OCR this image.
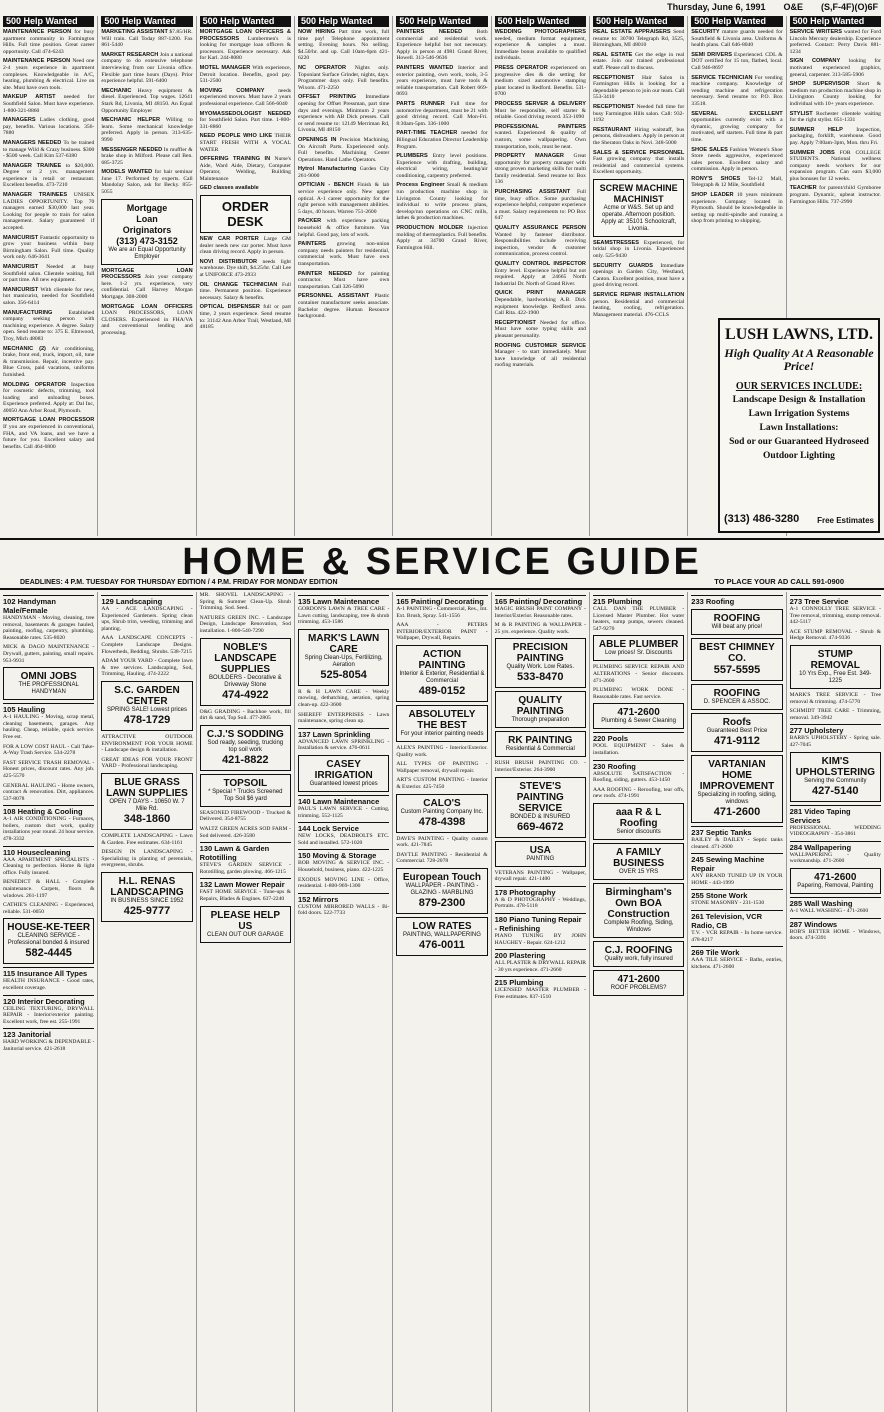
Thursday, June 6, 1991 O&E (S,F-4F)(O)6F
500 Help Wanted
MAINTENANCE PERSON for busy apartment community in Farmington Hills. Full time position. Great career opportunity. Call 474-6243
MAINTENANCE PERSON Need one 2-4 years experience in apartment complexes. Knowledgeable in A/C, heating, plumbing & electrical. Live on site. Must have own tools.
MAKEUP ARTIST needed for Southfield Salon. Must have experience. 1-800-321-8860
MANAGERS Ladies clothing, good pay, benefits. Various locations. 356-7880
MANAGERS NEEDED To be trained to manage Wild & Crazy business. $300 - $500 week. Call Kim 537-6380
MANAGER TRAINEE to $20,000. Degree or 2 yrs. management experience in retail or restaurant. Excellent benefits. 473-7210
MANAGER TRAINEES UNISEX LADIES OPPORTUNITY. Top 70 managers earned $30,000 last year. Looking for people to train for salon management. Salary guaranteed if accepted.
MANICURIST Fantastic opportunity to grow your business within busy Birmingham Salon. Full time. Quality work only. 646-3641
MANICURIST Needed at busy Southfield salon. Clientele waiting, full or part time. All new equipment.
MANICURIST With clientele for new, hot manicurist, needed for Southfield salon. 356-6414
MANUFACTURING Established company seeking person with machining experience. A degree. Salary open. Send resume to: 375 E. Elmwood, Troy, Mich 48083
MECHANIC (2) Air conditioning, brake, front end, truck, import, oil, tune & transmission. Repair, incentive pay. Blue Cross, paid vacations, uniforms furnished.
MOLDING OPERATOR Inspection for cosmetic defects, trimming, tool loading and unloading boxes. Experience preferred. Apply at: Dal Inc, 40050 Ann Arbor Road, Plymouth.
MORTGAGE LOAN PROCESSOR If you are experienced in conventional, FHA, and VA loans, and we have a future for you. Excellent salary and benefits. Call 464-6800
500 Help Wanted
MARKETING ASSISTANT $7.85/HR. Will train. Call Today 887-1200. Fax 861-5440
MARKET RESEARCH Join a national company to do extensive telephone interviewing from our Livonia office. Flexible part time hours (Days). Prior experience helpful. 591-6400
MECHANIC Heavy equipment & diesel. Experienced. Top wages. 12641 Stark Rd, Livonia, MI 48150. An Equal Opportunity Employer
MECHANIC HELPER Willing to learn. Some mechanical knowledge preferred. Apply in person. 313-635-9990
MESSENGER NEEDED In muffler & brake shop in Milford. Please call Ben. 685-3725
MODELS WANTED for hair seminar June 17. Performed by experts. Call Mandolay Salon, ask for Becky. 855-5055
Mortgage
Loan
Originators
(313) 473-3152
We are an Equal Opportunity Employer
MORTGAGE LOAN PROCESSORS Join your company here. 1-2 yrs. experience, very confidential. Call Harvey Morgan Mortgage. 308-2000
MORTGAGE LOAN OFFICERS LOAN PROCESSORS, LOAN CLOSERS. Experienced in FHA/VA and conventional lending and processing.
500 Help Wanted
MORTGAGE LOAN OFFICERS & PROCESSORS Lumbermen's is looking for mortgage loan officers & processors. Experience necessary. Ask for Karl. 244-8080
MOTEL MANAGER With experience, Detroit location. Benefits, good pay. 531-2500
MOVING COMPANY needs experienced movers. Must have 2 years professional experience. Call 566-6040
MYOMASSEDOLOGIST NEEDED for Southfield Salon. Part time. 1-800-331-8860
NEED PEOPLE WHO LIKE THEIR START FRESH WITH A VOCAL WATER
OFFERING TRAINING IN Nurse's Aide, Ward Aide, Dietary, Computer Operator, Welding, Building Maintenance
GED classes available
ORDER
DESK
NEW CAR PORTER Large GM dealer needs new car porter. Must have clean driving record. Apply in person.
NOVI DISTRIBUTOR needs light warehouse. Dye shift, $4.25/hr. Call Lee at UNIFORCE 473-2933
OIL CHANGE TECHNICIAN Full time. Permanent position. Experience necessary. Salary & benefits.
OPTICAL DISPENSER full or part time, 2 years experience. Send resume to: 31142 Ann Arbor Trail, Westland, MI 48185
500 Help Wanted
NOW HIRING Part time work, full time pay! Telephone appointment setting. Evening hours. No selling. $4.50/hr. and up. Call 10am-6pm 421-6220
NC OPERATOR Nights only. Toponiant Surface Grinder, nights, days. Programmer days only. Full benefits. Wixom. 471-2250
OFFSET PRINTING Immediate opening for Offset Pressman, part time days and evenings. Minimum 2 years experience with AB Dick presses. Call or send resume to: 12149 Merriman Rd, Livonia, MI 48150
OPENINGS IN Precision Machining, On Aircraft Parts. Experienced only. Full benefits. Machining Center Operations. Hand Lathe Operators.
Hytrol Manufacturing Garden City 261-9000
OPTICIAN - BENCH Finish & lab service experience only. New upper optical. A-1 career opportunity for the right person with management abilities. 5 days, 40 hours. Warren 751-2600
PACKER with experience packing household & office furniture. Van helpful. Good pay, lots of work.
PAINTERS growing non-union company needs painters for residential, commercial work. Must have own transportation.
PAINTER NEEDED for painting contractor. Must have own transportation. Call 326-5090
PERSONNEL ASSISTANT Plastic container manufacturer seeks associate. Bachelor degree. Human Resource background.
500 Help Wanted
PAINTERS NEEDED Both commercial and residential work. Experience helpful but not necessary. Apply in person at 4981 Grand River, Howell. 313-546-9636
PAINTERS WANTED Interior and exterior painting, own work, tools, 3-5 years experience, must have tools & reliable transportation. Call Robert 669-0693
PARTS RUNNER Full time for automotive department, must be 21 with good driving record. Call Mon-Fri. 8:30am-5pm. 336-1000
PART-TIME TEACHER needed for Bilingual Education Director Leadership Program.
PLUMBERS Entry level positions. Experience with drafting, building, electrical wiring, heating/air conditioning, carpentry preferred.
Process Engineer Small & medium run production machine shop in Livingston County looking for individual to write process plans, develop/run operations on CNC mills, lathes & production machines.
PRODUCTION MOLDER Injection molding of thermoplastics. Full benefits. Apply at 34700 Grand River, Farmington Hill.
500 Help Wanted
WEDDING PHOTOGRAPHERS needed, medium format equipment, experience & samples a must. Immediate bonus available to qualified individuals.
PRESS OPERATOR experienced on progressive dies & die setting for medium sized automotive stamping plant located in Redford. Benefits. 531-0700
PROCESS SERVER & DELIVERY Must be responsible, self starter & reliable. Good driving record. 353-1090
PROFESSIONAL PAINTERS wanted. Experienced & quality of custom, some wallpapering. Own transportation, tools, must be neat.
PROPERTY MANAGER Great opportunity for property manager with strong proven marketing skills for multi family residential. Send resume to: Box 136
PURCHASING ASSISTANT Full time, busy office. Some purchasing experience helpful, computer experience a must. Salary requirements to: PO Box 647
QUALITY ASSURANCE PERSON Wanted by fastener distributor. Responsibilities include receiving inspection, vendor & customer communication, process control.
QUALITY CONTROL INSPECTOR Entry level. Experience helpful but not required. Apply at 24665 North Industrial Dr. North of Grand River.
QUICK PRINT MANAGER Dependable, hardworking A.B. Dick equipment knowledge. Redford area. Call Rita. 422-1900
RECEPTIONIST Needed for office. Must have some typing skills and pleasant personality.
ROOFING CUSTOMER SERVICE Manager - to start immediately. Must have knowledge of all residential roofing materials.
500 Help Wanted
REAL ESTATE APPRAISERS Send resume to: 30700 Telegraph Rd, 3525, Birmingham, MI 48010
REAL ESTATE Get the edge in real estate. Join our trained professional staff. Please call to discuss.
RECEPTIONIST Hair Salon in Farmington Hills is looking for a dependable person to join our team. Call 553-3410
RECEPTIONIST Needed full time for busy Farmington Hills salon. Call: 932-1192
RESTAURANT Hiring waitstaff, bus persons, dishwashers. Apply in person at the Sheraton Oaks in Novi. 348-5000
SALES & SERVICE PERSONNEL Fast growing company that installs residential and commercial systems. Excellent opportunity.
SCREW MACHINE
MACHINIST
Acme or W&S. Set up and operate. Afternoon position. Apply at: 35101 Schoolcraft, Livonia.
SEAMSTRESSES Experienced, for bridal shop in Livonia. Experienced only. 525-9430
SECURITY GUARDS Immediate openings in Garden City, Westland, Canton. Excellent position, must have a good driving record.
SERVICE REPAIR INSTALLATION person. Residential and commercial heating, cooling, refrigeration. Management material. 476-CCLS
500 Help Wanted
SECURITY mature guards needed for Southfield & Livonia area. Uniforms & health plans. Call 646-8040
SEMI DRIVERS Experienced. CDL & DOT certified for 15 ton, flatbed, local. Call 946-8697
SERVICE TECHNICIAN For vending machine company. Knowledge of vending machine and refrigeration necessary. Send resume to: P.O. Box 33518.
SEVERAL EXCELLENT opportunities currently exist with a dynamic, growing company for motivated, self starters. Full time & part time.
SHOE SALES Fashion Women's Shoe Store needs aggressive, experienced sales person. Excellent salary and commission. Apply in person.
RONY'S SHOES Tel-12 Mall, Telegraph & 12 Mile, Southfield
SHOP LEADER 10 years minimum experience. Company located in Plymouth. Should be knowledgeable in setting up multi-spindle and running a shop from printing to shipping.
500 Help Wanted
SERVICE WRITERS wanted for Ford Lincoln Mercury dealership. Experience preferred. Contact: Perry Davis 881-1234
SIGN COMPANY looking for motivated experienced graphics, general, carpenter. 313-585-5906
SHOP SUPERVISOR Short & medium run production machine shop in Livingston County looking for individual with 10+ years experience.
STYLIST Rochester clientele waiting for the right stylist. 651-1331
SUMMER HELP Inspection, packaging, forklift, warehouse. Good pay. Apply 7:00am-3pm, Mon. thru Fri.
SUMMER JOBS FOR COLLEGE STUDENTS. National wellness company needs workers for our expansion program. Can earn $3,000 plus bonuses for 12 weeks.
TEACHER for parent/child Gymboree program. Dynamic, upbeat instructor. Farmington Hills. 737-2990
LUSH LAWNS, LTD.
High Quality At A Reasonable Price!
OUR SERVICES INCLUDE:
Landscape Design & Installation
Lawn Irrigation Systems
Lawn Installations:
Sod or our Guaranteed Hydroseed
Outdoor Lighting
(313) 486-3280 Free Estimates
HOME & SERVICE GUIDE
DEADLINES: 4 P.M. TUESDAY FOR THURSDAY EDITION / 4 P.M. FRIDAY FOR MONDAY EDITION	TO PLACE YOUR AD CALL 591-0900
102 Handyman Male/Female
HANDYMAN - Moving, cleaning, tree removal, basements & garages hauled, painting, roofing, carpentry, plumbing. Reasonable rates. 535-8020
MICK & DAGO MAINTENANCE - Drywall, gutters, painting, small repairs. 953-9931
OMNI JOBS
THE PROFESSIONAL HANDYMAN
105 Hauling
A-1 HAULING - Moving, scrap metal, cleaning basements, garages. Any hauling. Cheap, reliable, quick service. Free est.
FOR A LOW COST HAUL - Call Take-A-Way Trash Service. 534-2278
FAST SERVICE TRASH REMOVAL - Honest prices, discount rates. Any job. 425-5570
GENERAL HAULING - Home owners, contract & renovation. Dirt, appliances. 537-8078
108 Heating & Cooling
A-1 AIR CONDITIONING - Furnaces, boilers, custom duct work, quality installations year round. 24 hour service. 478-3332
110 Housecleaning
AAA APARTMENT SPECIALISTS - Cleaning to perfection. Home & light office. Fully insured.
BENEDICT & HALL - Complete maintenance. Carpets, floors & windows. 261-1197
CATHIE'S CLEANING - Experienced, reliable. 531-0050
HOUSE-KE-TEER
CLEANING SERVICE - Professional bonded & insured
582-4445
115 Insurance All Types
HEALTH INSURANCE - Good rates, excellent coverage.
120 Interior Decorating
CEILING TEXTURING, DRYWALL REPAIR - Interior/exterior painting. Excellent work, free est. 255-1991
123 Janitorial
HARD WORKING & DEPENDABLE - Janitorial service. 421-2618
129 Landscaping
AA - ACE LANDSCAPING - Experienced Gardeners. Spring clean ups, Shrub trim, weeding, trimming and planting.
AAA LANDSCAPE CONCEPTS - Complete Landscape Designs. Flowerbeds, Bedding, Shrubs. 538-7215
ADAM YOUR YARD - Complete lawn & tree services. Landscaping, Sod, Trimming, Hauling. 474-2222
S.C. GARDEN CENTER
SPRING SALE! Lowest prices
478-1729
ATTRACTIVE OUTDOOR ENVIRONMENT FOR YOUR HOME - Landscape design & installation.
GREAT IDEAS FOR YOUR FRONT YARD - Professional landscaping.
BLUE GRASS LAWN SUPPLIES
OPEN 7 DAYS - 10650 W. 7 Mile Rd.
348-1860
COMPLETE LANDSCAPING - Lawn & Garden. Free estimates. 634-1161
DESIGN IN LANDSCAPING - Specializing in planting of perennials, evergreens, shrubs.
H.L. RENAS LANDSCAPING
IN BUSINESS SINCE 1952
425-9777
MR. SHOVEL LANDSCAPING - Spring & Summer Clean-Up. Shrub Trimming. Sod. Seed.
NATURES GREEN INC. - Landscape Design, Landscape Renovation, Sod installation. 1-800-540-7290
NOBLE'S LANDSCAPE SUPPLIES
BOULDERS - Decorative & Driveway Stone
474-4922
O&G GRADING - Backhoe work, fill dirt & sand, Top Soil. 477-2805
C.J.'S SODDING
Sod ready, seeding, trucking top soil work
421-8822
TOPSOIL
* Special * Trucks Screened Top Soil $6 yard
SEASONED FIREWOOD - Trucked & Delivered. 354-8755
WALTZ GREEN ACRES SOD FARM - Sod delivered. 426-3580
130 Lawn & Garden Rototilling
STEVE'S GARDEN SERVICE - Rototilling, garden plowing. 466-1215
132 Lawn Mower Repair
FAST HOME SERVICE - Tune-ups & Repairs, Blades & Engines. 637-2240
PLEASE HELP US
CLEAN OUT OUR GARAGE
135 Lawn Maintenance
GORDON'S LAWN & TREE CARE - Lawn cutting, landscaping, tree & shrub trimming. 453-1586
MARK'S LAWN CARE
Spring Clean-Ups, Fertilizing, Aeration
525-8054
R & H LAWN CARE - Weekly mowing, dethatching, aeration, spring clean-up. 422-3600
SHEREFF ENTERPRISES - Lawn maintenance, spring clean up.
137 Lawn Sprinkling
ADVANCED LAWN SPRINKLING - Installation & service. 476-0611
CASEY IRRIGATION
Guaranteed lowest prices
140 Lawn Maintenance
PAUL'S LAWN SERVICE - Cutting, trimming. 552-1125
144 Lock Service
NEW LOCKS, DEADBOLTS ETC. Sold and installed. 572-1020
150 Moving & Storage
BOB MOVING & SERVICE INC. - Household, business, piano. 422-1225
EXODUS MOVING LINE - Office, residential. 1-800-969-1300
152 Mirrors
CUSTOM MIRRORED WALLS - Bi-fold doors. 522-7733
165 Painting/ Decorating
A-1 PAINTING - Commercial, Res., Int. Ext. Brush, Spray. 541-1556
AAA - PETERS INTERIOR/EXTERIOR PAINT - Wallpaper, Drywall, Repairs.
ACTION PAINTING
Interior & Exterior, Residential & Commercial
489-0152
ABSOLUTELY THE BEST
For your interior painting needs
ALEX'S PAINTING - Interior/Exterior. Quality work.
ALL TYPES OF PAINTING - Wallpaper removal, drywall repair.
ART'S CUSTOM PAINTING - Interior & Exterior. 425-7450
CALO'S
Custom Painting Company Inc.
478-4398
DAVE'S PAINTING - Quality custom work. 421-7845
DAYTLE PAINTING - Residential & Commercial. 728-2078
European Touch
WALLPAPER - PAINTING - GLAZING - MARBLING
879-2300
LOW RATES
PAINTING, WALLPAPERING
476-0011
165 Painting/ Decorating
MAGIC BRUSH PAINT COMPANY - Interior/Exterior. Reasonable rates.
M & R PAINTING & WALLPAPER - 25 yrs. experience. Quality work.
PRECISION PAINTING
Quality Work. Low Rates.
533-8470
QUALITY PAINTING
Thorough preparation
RK PAINTING
Residential & Commercial
RUSH BRUSH PAINTING CO. - Interior/Exterior. 264-3900
STEVE'S PAINTING SERVICE
BONDED & INSURED
669-4672
USA
PAINTING
VETERANS PAINTING - Wallpaper, drywall repair. 421-1400
178 Photography
A & D PHOTOGRAPHY - Weddings, Portraits. 478-5118
180 Piano Tuning Repair - Refinishing
PIANO TUNING BY JOHN HAUGHEY - Repair. 624-1212
200 Plastering
ALL PLASTER & DRYWALL REPAIR - 30 yrs experience. 471-2660
215 Plumbing
LICENSED MASTER PLUMBER - Free estimates. 837-1510
215 Plumbing
CALL DAN THE PLUMBER - Licensed Master Plumber. Hot water heaters, sump pumps, sewers cleaned. 547-9270
ABLE PLUMBER
Low prices! Sr. Discounts
PLUMBING SERVICE REPAIR AND ALTERATIONS - Senior discounts. 471-2600
PLUMBING WORK DONE - Reasonable rates. Fast service.
471-2600
Plumbing & Sewer Cleaning
220 Pools
POOL EQUIPMENT - Sales & installation.
230 Roofing
ABSOLUTE SATISFACTION - Roofing, siding, gutters. 453-1450
AAA ROOFING - Reroofing, tear offs, new roofs. 474-1991
aaa R & L Roofing
Senior discounts
A FAMILY BUSINESS
OVER 15 YRS
Birmingham's Own BOA Construction
Complete Roofing, Siding, Windows
C.J. ROOFING
Quality work, fully insured
471-2600
ROOF PROBLEMS?
233 Roofing
ROOFING
Will beat any price!
BEST CHIMNEY CO.
557-5595
ROOFING
D. SPENCER & ASSOC.
Roofs
Guaranteed Best Price
471-9112
VARTANIAN HOME IMPROVEMENT
Specializing in roofing, siding, windows
471-2600
237 Septic Tanks
BAILEY & DAILEY - Septic tanks cleaned. 471-2600
245 Sewing Machine Repair
ANY BRAND TUNED UP IN YOUR HOME - 443-1999
255 Stone Work
STONE MASONRY - 231-1530
261 Television, VCR Radio, CB
T.V. - VCR REPAIR - In home service. 478-8217
269 Tile Work
AAA TILE SERVICE - Baths, entries, kitchens. 471-2600
273 Tree Service
A-1 CONNOLLY TREE SERVICE - Tree removal, trimming, stump removal. 442-5117
ACE STUMP REMOVAL - Shrub & Hedge Removal. 474-9336
STUMP REMOVAL
10 Yrs Exp., Free Est. 349-1225
MARK'S TREE SERVICE - Tree removal & trimming. 474-5770
SCHMIDT TREE CARE - Trimming, removal. 349-3942
277 Upholstery
BARB'S UPHOLSTERY - Spring sale. 427-7045
KIM'S UPHOLSTERING
Serving the Community
427-5140
281 Video Taping Services
PROFESSIONAL WEDDING VIDEOGRAPHY - 354-3861
284 Wallpapering
WALLPAPERING - Quality workmanship. 471-2600
471-2600
Papering, Removal, Painting
285 Wall Washing
A-1 WALL WASHING - 471-2600
287 Windows
BOB'S BETTER HOME - Windows, doors. 474-3391
